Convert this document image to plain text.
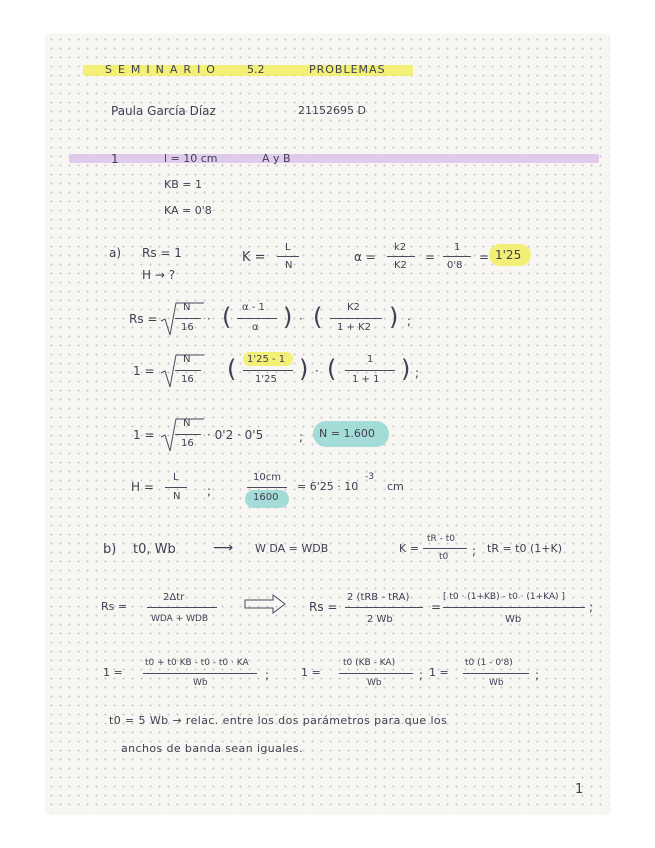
SEMINARIO 5.2	PROBLEMAS
Paula García Díaz	21152695 D
1	l = 10 cm	A y B
KB = 1
KA = 0'8
a) Rs = 1
H → ?
K =
L
N
α =
k2
K2
=
1
0'8
= 1'25
Rs =
N
16
· ( α - 1
α ) · ( K2
1 + K2 ) ;
1 =
N
16 ( 1'25 - 1
1'25 ) · (	1
1 + 1 ) ;
1 =
N
16
· 0'2 · 0'5	; N = 1.600
H =
L
N ;
10cm
1600
= 6'25 · 10
-3
cm
b) t0, Wb	⟶ W DA = WDB	K =
tR - t0
t0 ; tR = t0 (1+K)
Rs =
2Δtr
WDA + WDB
Rs =
2 (tRB - tRA)
2 Wb
=
[ t0 · (1+KB) - t0 · (1+KA) ]
Wb
;
1 =
t0 + t0 KB - t0 - t0 · KA
Wb
;	1 =
t0 (KB - KA)
Wb
; 1 =
t0 (1 - 0'8)
Wb
;
t0 = 5 Wb → relac. entre los dos parámetros para que los
anchos de banda sean iguales.
1
